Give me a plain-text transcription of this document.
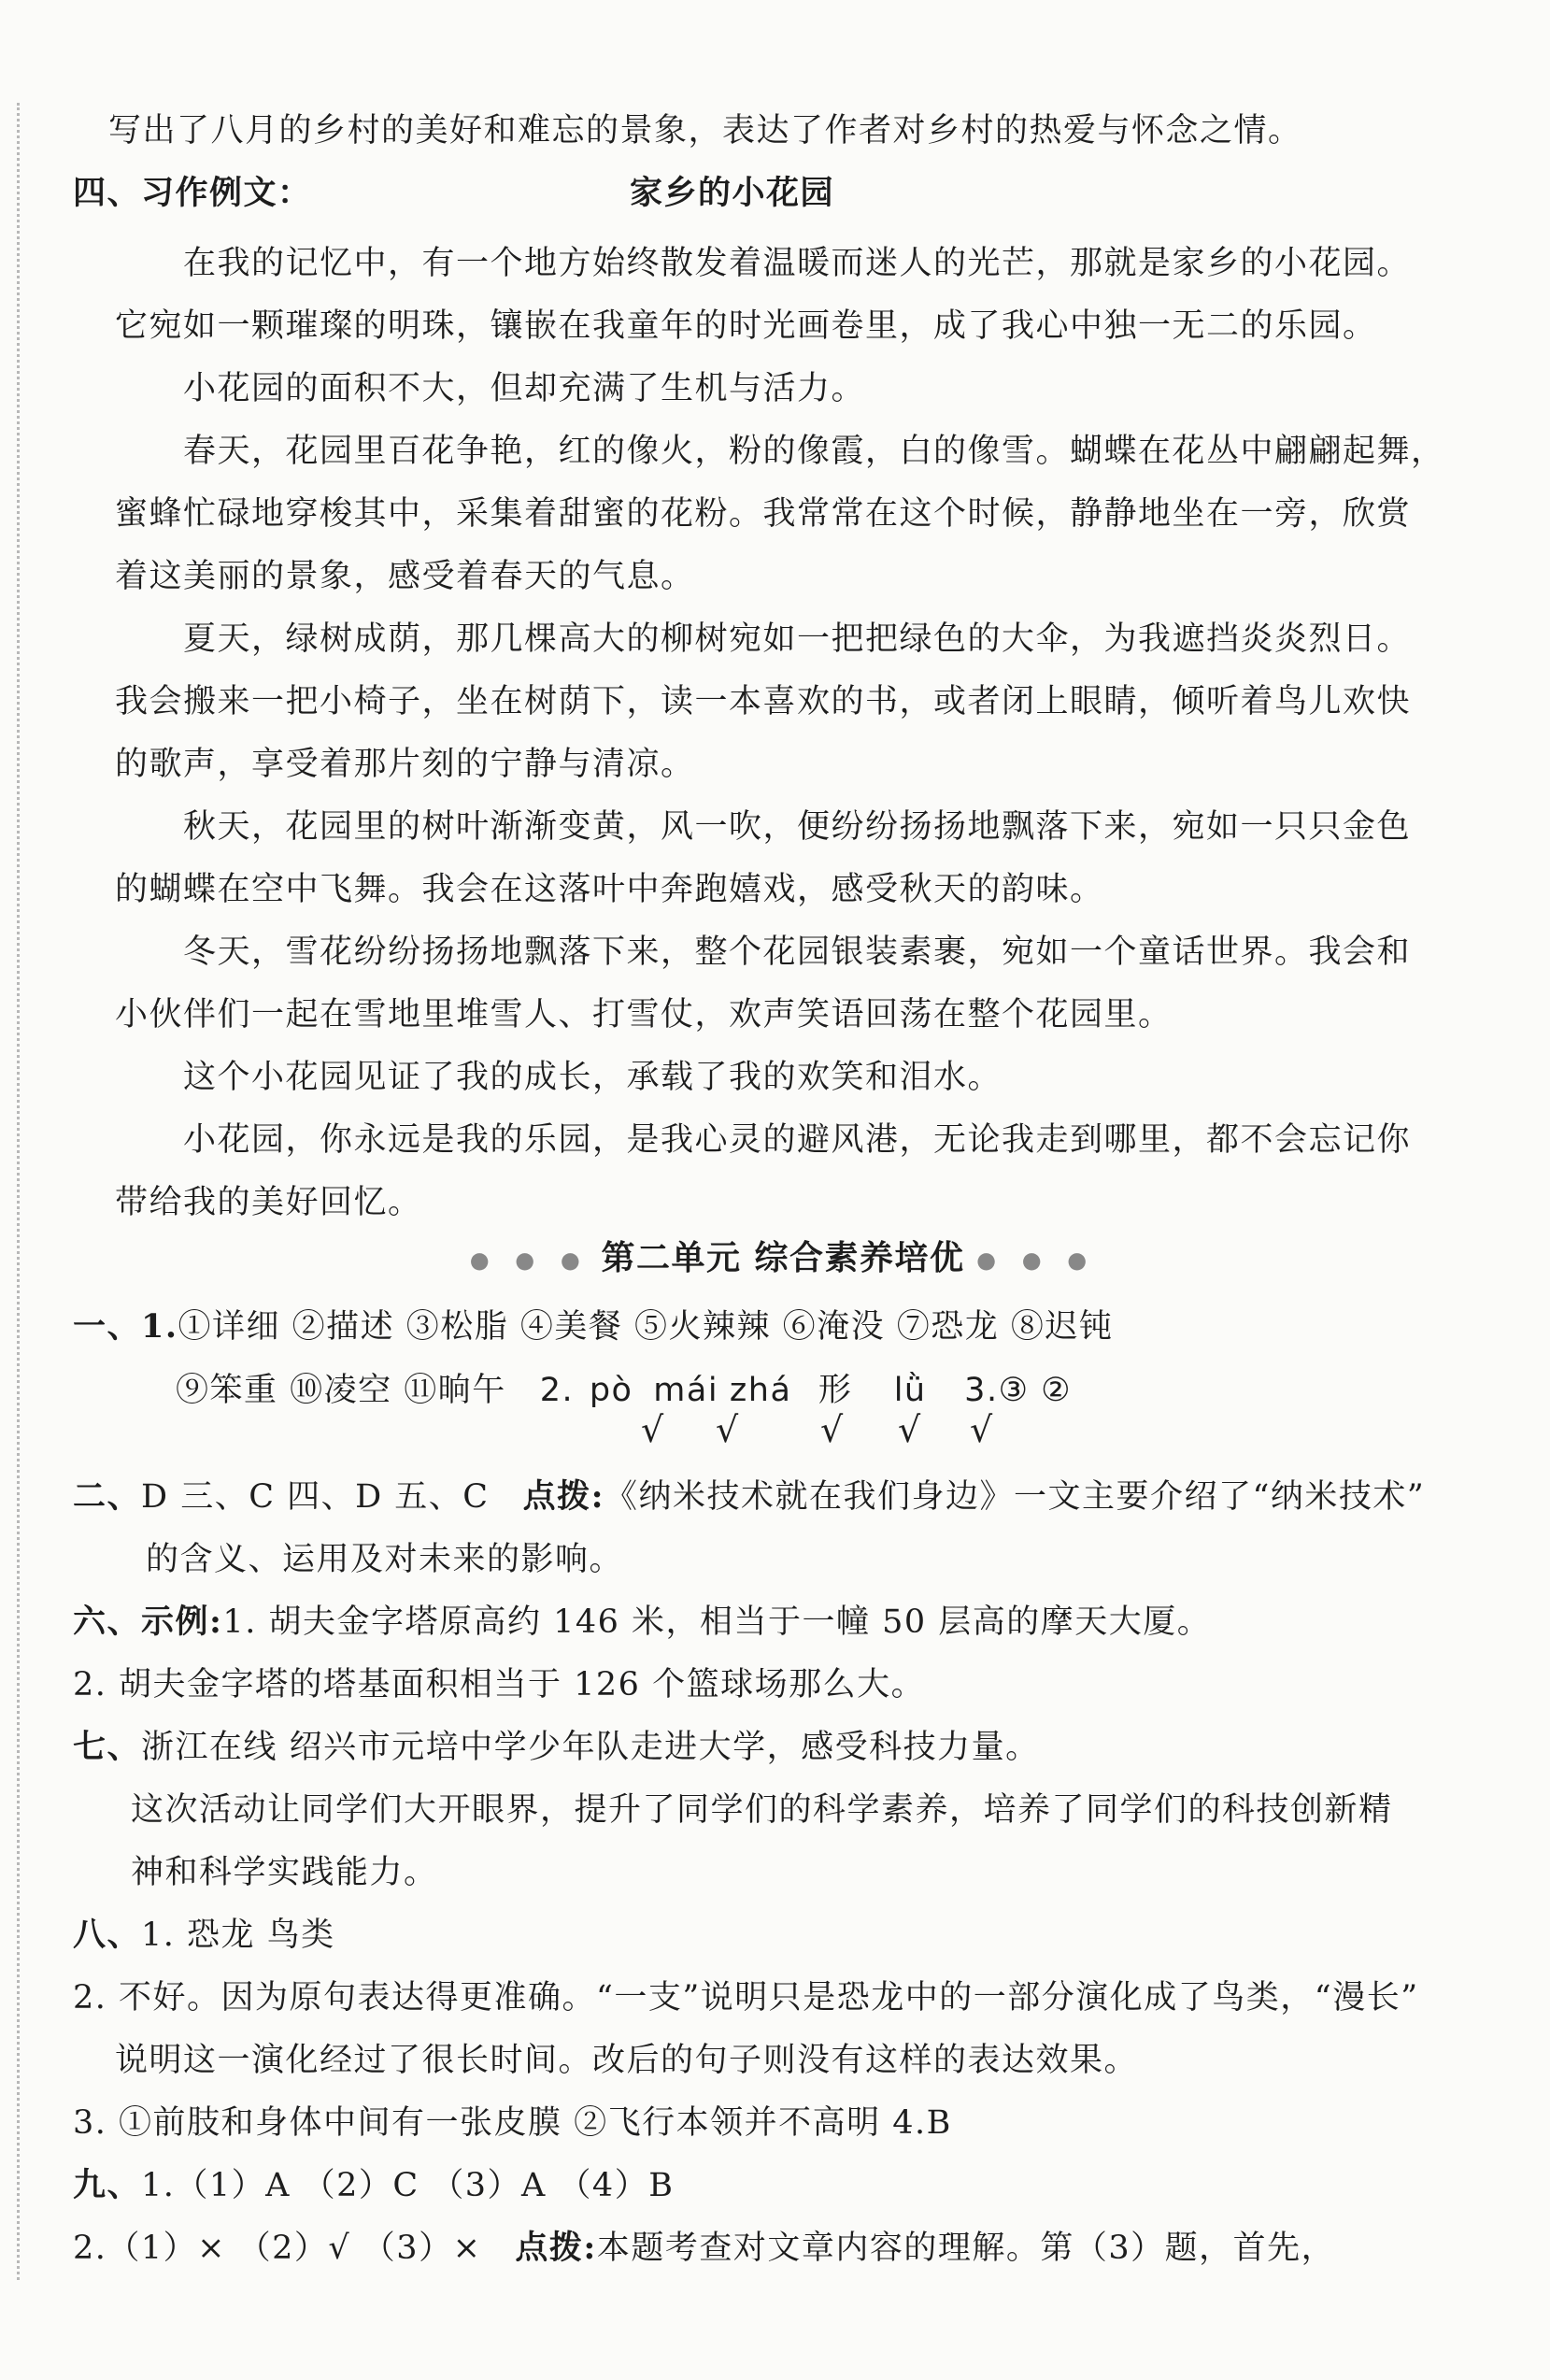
写出了八月的乡村的美好和难忘的景象，表达了作者对乡村的热爱与怀念之情。
四、习作例文：	家乡的小花园
在我的记忆中，有一个地方始终散发着温暖而迷人的光芒，那就是家乡的小花园。
它宛如一颗璀璨的明珠，镶嵌在我童年的时光画卷里，成了我心中独一无二的乐园。
小花园的面积不大，但却充满了生机与活力。
春天，花园里百花争艳，红的像火，粉的像霞，白的像雪。蝴蝶在花丛中翩翩起舞，
蜜蜂忙碌地穿梭其中，采集着甜蜜的花粉。我常常在这个时候，静静地坐在一旁，欣赏
着这美丽的景象，感受着春天的气息。
夏天，绿树成荫，那几棵高大的柳树宛如一把把绿色的大伞，为我遮挡炎炎烈日。
我会搬来一把小椅子，坐在树荫下，读一本喜欢的书，或者闭上眼睛，倾听着鸟儿欢快
的歌声，享受着那片刻的宁静与清凉。
秋天，花园里的树叶渐渐变黄，风一吹，便纷纷扬扬地飘落下来，宛如一只只金色
的蝴蝶在空中飞舞。我会在这落叶中奔跑嬉戏，感受秋天的韵味。
冬天，雪花纷纷扬扬地飘落下来，整个花园银装素裹，宛如一个童话世界。我会和
小伙伴们一起在雪地里堆雪人、打雪仗，欢声笑语回荡在整个花园里。
这个小花园见证了我的成长，承载了我的欢笑和泪水。
小花园，你永远是我的乐园，是我心灵的避风港，无论我走到哪里，都不会忘记你
带给我的美好回忆。
● ● ● 第二单元 综合素养培优 ● ● ●
一、1.①详细 ②描述 ③松脂 ④美餐 ⑤火辣辣 ⑥淹没 ⑦恐龙 ⑧迟钝
⑨笨重 ⑩凌空 ⑪晌午 2. pò mái zhá 形 lǜ 3.③ ②
√ √ √ √ √
二、D 三、C 四、D 五、C 点拨:《纳米技术就在我们身边》一文主要介绍了“纳米技术”
的含义、运用及对未来的影响。
六、示例:1. 胡夫金字塔原高约 146 米，相当于一幢 50 层高的摩天大厦。
2. 胡夫金字塔的塔基面积相当于 126 个篮球场那么大。
七、浙江在线 绍兴市元培中学少年队走进大学，感受科技力量。
这次活动让同学们大开眼界，提升了同学们的科学素养，培养了同学们的科技创新精
神和科学实践能力。
八、1. 恐龙 鸟类
2. 不好。因为原句表达得更准确。“一支”说明只是恐龙中的一部分演化成了鸟类，“漫长”
说明这一演化经过了很长时间。改后的句子则没有这样的表达效果。
3. ①前肢和身体中间有一张皮膜 ②飞行本领并不高明 4.B
九、1.（1）A （2）C （3）A （4）B
2.（1）× （2）√ （3）× 点拨:本题考查对文章内容的理解。第（3）题，首先，
